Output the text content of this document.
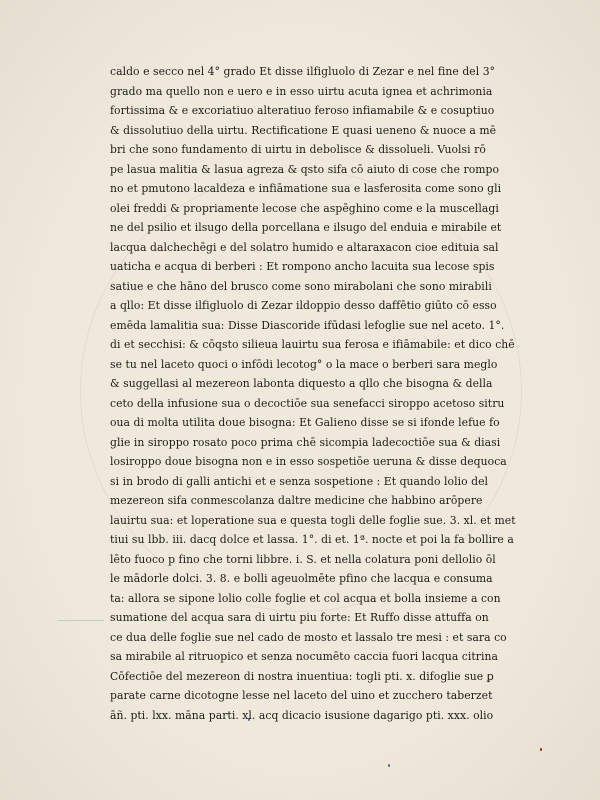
caldo e secco nel 4° grado Et disse ilfigluolo di Zezar e nel fine del 3°
grado ma quello non e uero e in esso uirtu acuta ignea et achrimonia
fortissima & e excoriatiuo alteratiuo feroso infiamabile & e cosuptiuo
& dissolutiuo della uirtu. Rectificatione E quasi ueneno & nuoce a mē
bri che sono fundamento di uirtu in debolisce & dissolueli. Vuolsi rō
pe lasua malitia & lasua agreza & qsto sifa cō aiuto di cose che rompo
no et pmutono lacaldeza e infiāmatione sua e lasferosita come sono gli
olei freddi & propriamente lecose che aspēghino come e la muscellagi
ne del psilio et ilsugo della porcellana e ilsugo del enduia e mirabile et
lacqua dalchechēgi e del solatro humido e altaraxacon cioe edituia sal
uaticha e acqua di berberi : Et rompono ancho lacuita sua lecose spis
satiue e che hāno del brusco come sono mirabolani che sono mirabili
a qllo: Et disse ilfigluolo di Zezar ildoppio desso daffētio giūto cō esso
emēda lamalitia sua: Disse Diascoride ifūdasi lefoglie sue nel aceto. 1°.
di et secchisi: & cōqsto silieua lauirtu sua ferosa e ifiāmabile: et dico chē
se tu nel laceto quoci o infōdi lecotog° o la mace o berberi sara meglo
& suggellasi al mezereon labonta diquesto a qllo che bisogna & della
ceto della infusione sua o decoctiōe sua senefacci siroppo acetoso sitru
oua di molta utilita doue bisogna: Et Galieno disse se si ifonde lefue fo
glie in siroppo rosato poco prima chē sicompia ladecoctiōe sua & diasi
losiroppo doue bisogna non e in esso sospetiōe ueruna & disse dequoca
si in brodo di galli antichi et e senza sospetione : Et quando lolio del
mezereon sifa conmescolanza daltre medicine che habbino arōpere
lauirtu sua: et loperatione sua e questa togli delle foglie sue. 3. xl. et met
tiui su lbb. iii. dacq dolce et lassa. 1°. di et. 1ª. nocte et poi la fa bollire a
lēto fuoco p fino che torni libbre. i. S. et nella colatura poni dellolio ōl
le mādorle dolci. 3. 8. e bolli ageuolmēte pfino che lacqua e consuma
ta: allora se sipone lolio colle foglie et col acqua et bolla insieme a con
sumatione del acqua sara di uirtu piu forte: Et Ruffo disse attuffa on
ce dua delle foglie sue nel cado de mosto et lassalo tre mesi : et sara co
sa mirabile al ritruopico et senza nocumēto caccia fuori lacqua citrina
Cōfectiōe del mezereon di nostra inuentiua: togli pti. x. difoglie sue ꝑ
parate carne dicotogne lesse nel laceto del uino et zucchero taberzet
āñ. pti. lxx. māna parti. xl. acq dicacio isusione dagarigo pti. xxx. olio
